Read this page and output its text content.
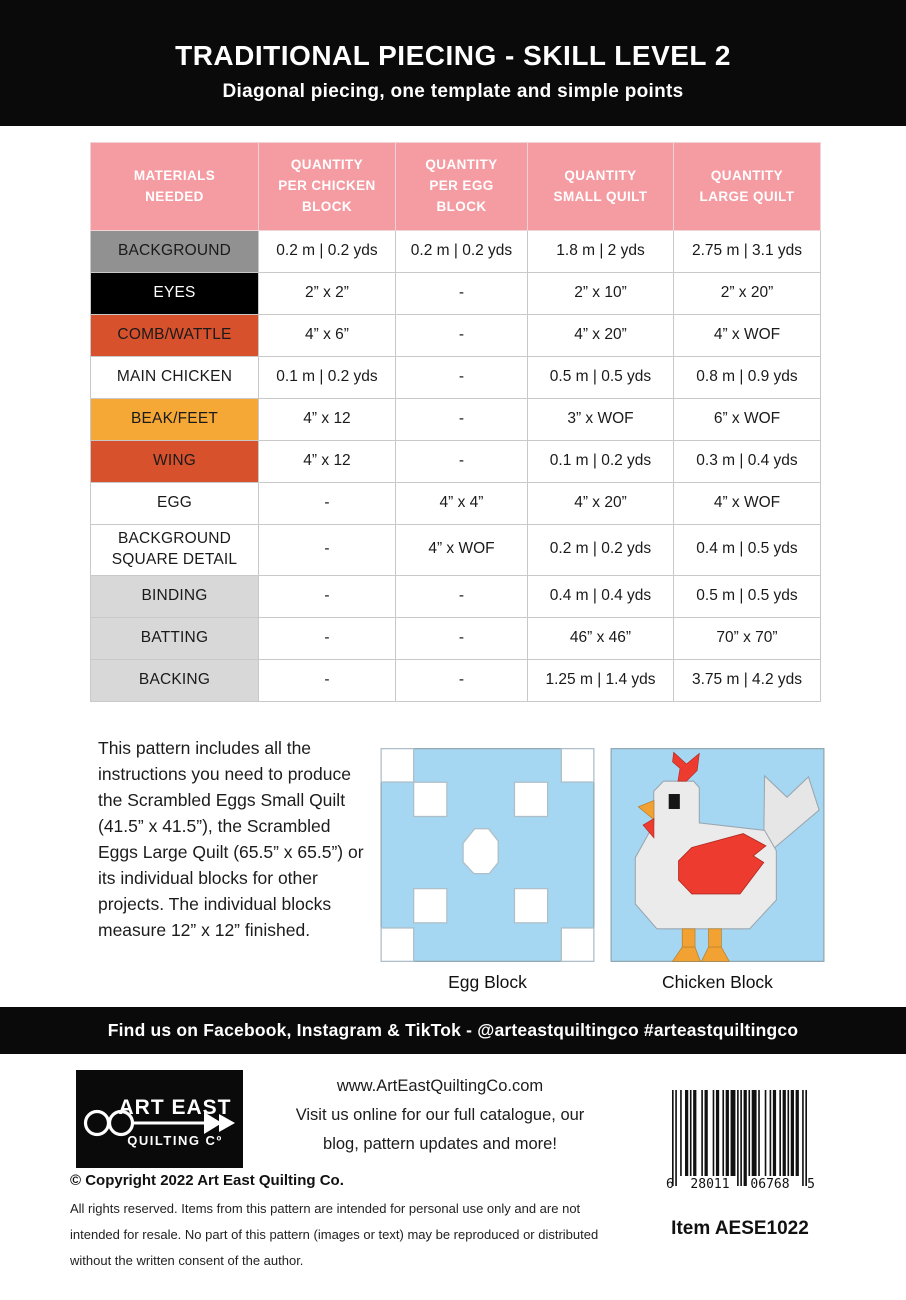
TRADITIONAL PIECING - SKILL LEVEL 2
Diagonal piecing, one template and simple points
MATERIALS NEEDED	QUANTITY PER CHICKEN BLOCK	QUANTITY PER EGG BLOCK	QUANTITY SMALL QUILT	QUANTITY LARGE QUILT
BACKGROUND	0.2 m | 0.2 yds	0.2 m | 0.2 yds	1.8 m | 2 yds	2.75 m | 3.1 yds
EYES	2” x 2”	-	2” x 10”	2” x 20”
COMB/WATTLE	4” x 6”	-	4” x 20”	4” x WOF
MAIN CHICKEN	0.1 m | 0.2 yds	-	0.5 m | 0.5 yds	0.8 m | 0.9 yds
BEAK/FEET	4” x 12	-	3” x WOF	6” x WOF
WING	4” x 12	-	0.1 m | 0.2 yds	0.3 m | 0.4 yds
EGG	-	4” x 4”	4” x 20”	4” x WOF
BACKGROUND SQUARE DETAIL	-	4” x WOF	0.2 m | 0.2 yds	0.4 m | 0.5 yds
BINDING	-	-	0.4 m | 0.4 yds	0.5 m | 0.5 yds
BATTING	-	-	46” x 46”	70” x 70”
BACKING	-	-	1.25 m | 1.4 yds	3.75 m | 4.2 yds

This pattern includes all the instructions you need to produce the Scrambled Eggs Small Quilt (41.5” x 41.5”), the Scrambled Eggs Large Quilt (65.5” x 65.5”) or its individual blocks for other projects. The individual blocks measure 12” x 12” finished.

Egg Block	Chicken Block
Find us on Facebook, Instagram & TikTok - @arteastquiltingco #arteastquiltingco
ART EAST
QUILTING Cº
www.ArtEastQuiltingCo.com
Visit us online for our full catalogue, our
blog, pattern updates and more!
6 28011 06768 5
Item AESE1022
© Copyright 2022 Art East Quilting Co.
All rights reserved. Items from this pattern are intended for personal use only and are not intended for resale. No part of this pattern (images or text) may be reproduced or distributed without the written consent of the author.
